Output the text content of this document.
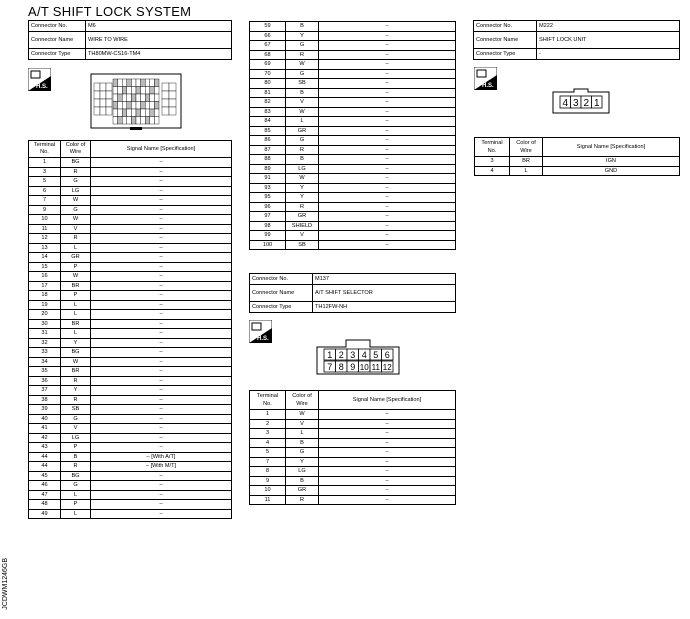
A/T SHIFT LOCK SYSTEM
Connector No.	M6
Connector Name	WIRE TO WIRE
Connector Type	TH80MW-CS16-TM4
H.S.
Terminal No.	Color of Wire	Signal Name [Specification]
1	BG	–
3	R	–
5	G	–
6	LG	–
7	W	–
9	G	–
10	W	–
11	V	–
12	R	–
13	L	–
14	GR	–
15	P	–
16	W	–
17	BR	–
18	P	–
19	L	–
20	L	–
30	BR	–
31	L	–
32	Y	–
33	BG	–
34	W	–
35	BR	–
36	R	–
37	Y	–
38	R	–
39	SB	–
40	G	–
41	V	–
42	LG	–
43	P	–
44	B	– [With A/T]
44	R	– [With M/T]
45	BG	–
46	G	–
47	L	–
48	P	–
49	L	–
59	B	–
66	Y	–
67	G	–
68	R	–
69	W	–
70	G	–
80	SB	–
81	B	–
82	V	–
83	W	–
84	L	–
85	GR	–
86	G	–
87	R	–
88	B	–
89	LG	–
91	W	–
93	Y	–
95	Y	–
96	R	–
97	GR	–
98	SHIELD	–
99	V	–
100	SB	–
Connector No.	M137
Connector Name	A/T SHIFT SELECTOR
Connector Type	TH12FW-NH
H.S.
1 2 3 4 5 6
7 8 9 10 11 12
Terminal No.	Color of Wire	Signal Name [Specification]
1	W	–
2	V	–
3	L	–
4	B	–
5	G	–
7	Y	–
8	LG	–
9	B	–
10	GR	–
11	R	–
Connector No.	M222
Connector Name	SHIFT LOCK UNIT
Connector Type	-
H.S.
4 3 2 1
Terminal No.	Color of Wire	Signal Name [Specification]
3	BR	IGN
4	L	GND
JCDWM1246GB
